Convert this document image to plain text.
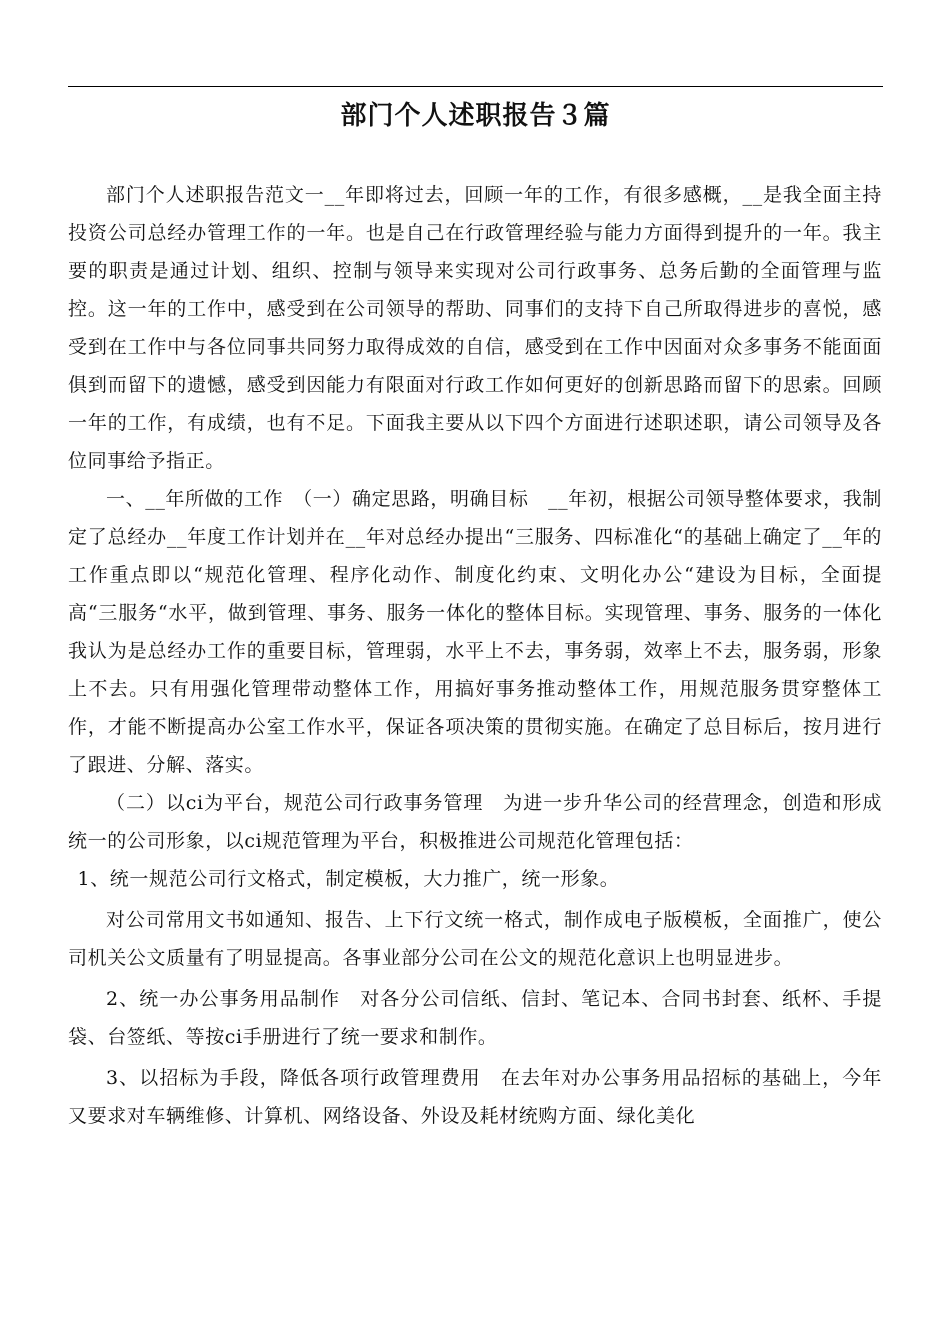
部门个人述职报告３篇

部门个人述职报告范文一__年即将过去，回顾一年的工作，有很多感概，__是我全面主持投资公司总经办管理工作的一年。也是自己在行政管理经验与能力方面得到提升的一年。我主要的职责是通过计划、组织、控制与领导来实现对公司行政事务、总务后勤的全面管理与监控。这一年的工作中，感受到在公司领导的帮助、同事们的支持下自己所取得进步的喜悦，感受到在工作中与各位同事共同努力取得成效的自信，感受到在工作中因面对众多事务不能面面俱到而留下的遗憾，感受到因能力有限面对行政工作如何更好的创新思路而留下的思索。回顾一年的工作，有成绩，也有不足。下面我主要从以下四个方面进行述职述职，请公司领导及各位同事给予指正。

一、__年所做的工作　（一）确定思路，明确目标　__年初，根据公司领导整体要求，我制定了总经办__年度工作计划并在__年对总经办提出“三服务、四标准化“的基础上确定了__年的工作重点即以“规范化管理、程序化动作、制度化约束、文明化办公“建设为目标，全面提高“三服务“水平，做到管理、事务、服务一体化的整体目标。实现管理、事务、服务的一体化我认为是总经办工作的重要目标，管理弱，水平上不去，事务弱，效率上不去，服务弱，形象上不去。只有用强化管理带动整体工作，用搞好事务推动整体工作，用规范服务贯穿整体工作，才能不断提高办公室工作水平，保证各项决策的贯彻实施。在确定了总目标后，按月进行了跟进、分解、落实。

（二）以ci为平台，规范公司行政事务管理　为进一步升华公司的经营理念，创造和形成统一的公司形象，以ci规范管理为平台，积极推进公司规范化管理包括：

1、统一规范公司行文格式，制定模板，大力推广，统一形象。

对公司常用文书如通知、报告、上下行文统一格式，制作成电子版模板，全面推广，使公司机关公文质量有了明显提高。各事业部分公司在公文的规范化意识上也明显进步。

2、统一办公事务用品制作　对各分公司信纸、信封、笔记本、合同书封套、纸杯、手提袋、台签纸、等按ci手册进行了统一要求和制作。

3、以招标为手段，降低各项行政管理费用　在去年对办公事务用品招标的基础上，今年又要求对车辆维修、计算机、网络设备、外设及耗材统购方面、绿化美化
